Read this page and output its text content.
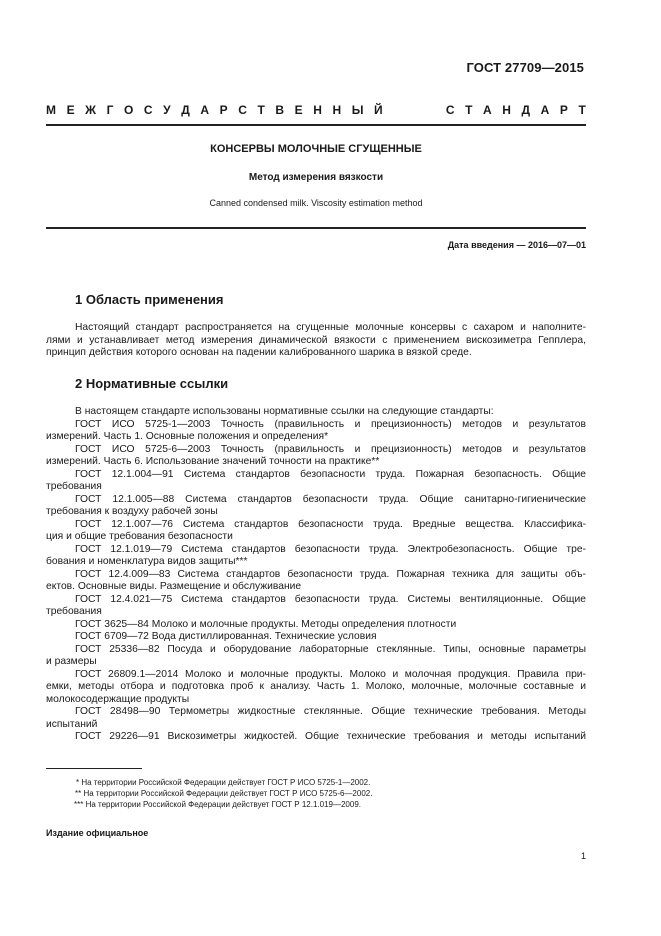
ГОСТ 27709—2015
М Е Ж Г О С У Д А Р С Т В Е Н Н Ы Й	С Т А Н Д А Р Т
КОНСЕРВЫ МОЛОЧНЫЕ СГУЩЕННЫЕ
Метод измерения вязкости
Canned condensed milk. Viscosity estimation method
Дата введения — 2016—07—01
1 Область применения
Настоящий стандарт распространяется на сгущенные молочные консервы с сахаром и наполните-
лями и устанавливает метод измерения динамической вязкости с применением вискозиметра Гепплера,
принцип действия которого основан на падении калиброванного шарика в вязкой среде.
2 Нормативные ссылки
В настоящем стандарте использованы нормативные ссылки на следующие стандарты:
ГОСТ ИСО 5725-1—2003 Точность (правильность и прецизионность) методов и результатов
измерений. Часть 1. Основные положения и определения*
ГОСТ ИСО 5725-6—2003 Точность (правильность и прецизионность) методов и результатов
измерений. Часть 6. Использование значений точности на практике**
ГОСТ 12.1.004—91 Система стандартов безопасности труда. Пожарная безопасность. Общие
требования
ГОСТ 12.1.005—88 Система стандартов безопасности труда. Общие санитарно-гигиенические
требования к воздуху рабочей зоны
ГОСТ 12.1.007—76 Система стандартов безопасности труда. Вредные вещества. Классифика-
ция и общие требования безопасности
ГОСТ 12.1.019—79 Система стандартов безопасности труда. Электробезопасность. Общие тре-
бования и номенклатура видов защиты***
ГОСТ 12.4.009—83 Система стандартов безопасности труда. Пожарная техника для защиты объ-
ектов. Основные виды. Размещение и обслуживание
ГОСТ 12.4.021—75 Система стандартов безопасности труда. Системы вентиляционные. Общие
требования
ГОСТ 3625—84 Молоко и молочные продукты. Методы определения плотности
ГОСТ 6709—72 Вода дистиллированная. Технические условия
ГОСТ 25336—82 Посуда и оборудование лабораторные стеклянные. Типы, основные параметры
и размеры
ГОСТ 26809.1—2014 Молоко и молочные продукты. Молоко и молочная продукция. Правила при-
емки, методы отбора и подготовка проб к анализу. Часть 1. Молоко, молочные, молочные составные и
молокосодержащие продукты
ГОСТ 28498—90 Термометры жидкостные стеклянные. Общие технические требования. Методы
испытаний
ГОСТ 29226—91 Вискозиметры жидкостей. Общие технические требования и методы испытаний
* На территории Российской Федерации действует ГОСТ Р ИСО 5725-1—2002.
** На территории Российской Федерации действует ГОСТ Р ИСО 5725-6—2002.
*** На территории Российской Федерации действует ГОСТ Р 12.1.019—2009.
Издание официальное
1
